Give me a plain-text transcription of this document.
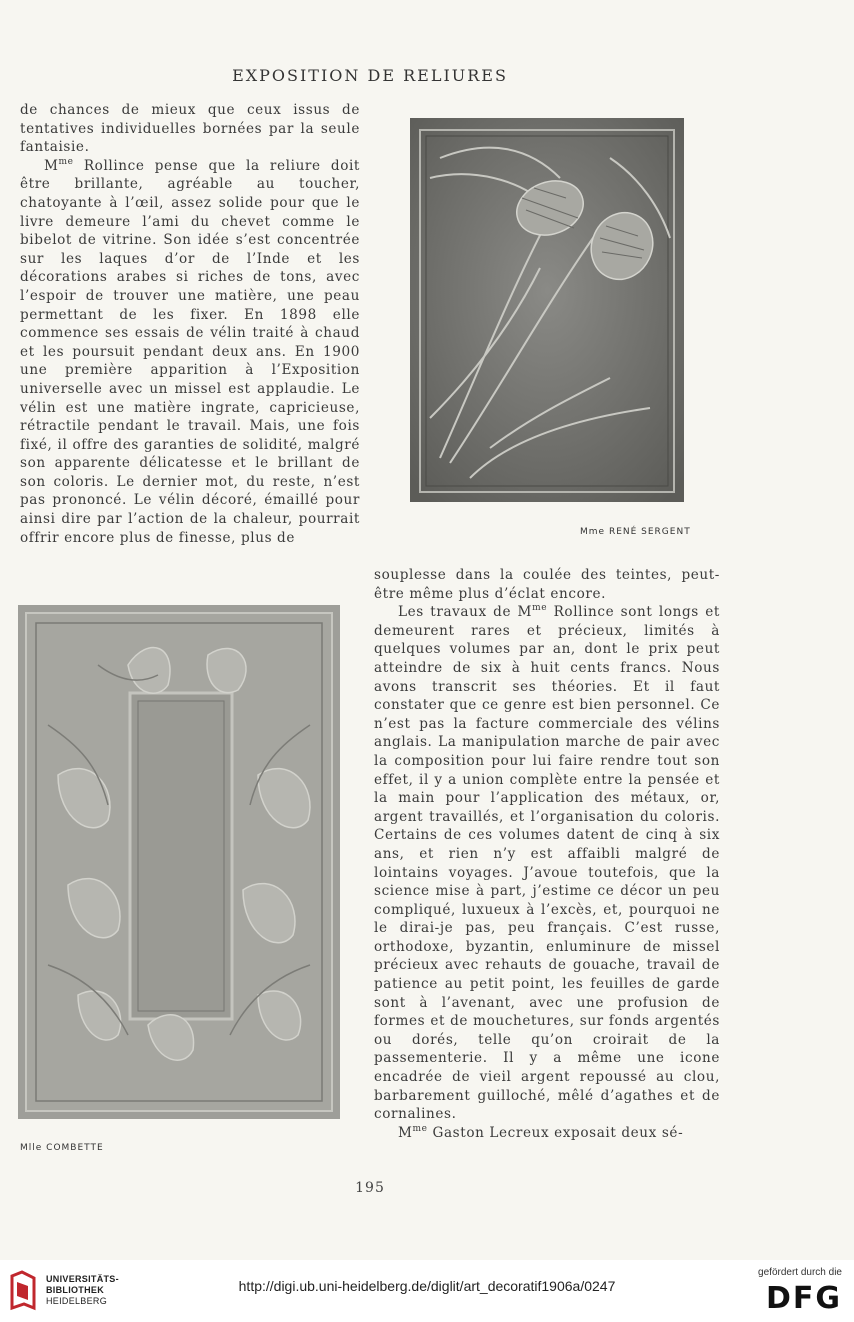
EXPOSITION DE RELIURES

de chances de mieux que ceux issus de tentatives individuelles bornées par la seule fantaisie.

$M^{me}$ Rollince pense que la reliure doit être brillante, agréable au toucher, chatoyante à l’œil, assez solide pour que le livre demeure l’ami du chevet comme le bibelot de vitrine. Son idée s’est concentrée sur les laques d’or de l’Inde et les décorations arabes si riches de tons, avec l’espoir de trouver une matière, une peau permettant de les fixer. En 1898 elle commence ses essais de vélin traité à chaud et les poursuit pendant deux ans. En 1900 une première apparition à l’Exposition universelle avec un missel est applaudie. Le vélin est une matière ingrate, capricieuse, rétractile pendant le travail. Mais, une fois fixé, il offre des garanties de solidité, malgré son apparente délicatesse et le brillant de son coloris. Le dernier mot, du reste, n’est pas prononcé. Le vélin décoré, émaillé pour ainsi dire par l’action de la chaleur, pourrait offrir encore plus de finesse, plus de	$M^{me}$ RENÉ SERGENT
$M^{lle}$ COMBETTE

souplesse dans la coulée des teintes, peut-être même plus d’éclat encore.

Les travaux de $M^{me}$ Rollince sont longs et demeurent rares et précieux, limités à quelques volumes par an, dont le prix peut atteindre de six à huit cents francs. Nous avons transcrit ses théories. Et il faut constater que ce genre est bien personnel. Ce n’est pas la facture commerciale des vélins anglais. La manipulation marche de pair avec la composition pour lui faire rendre tout son effet, il y a union complète entre la pensée et la main pour l’application des métaux, or, argent travaillés, et l’organisation du coloris. Certains de ces volumes datent de cinq à six ans, et rien n’y est affaibli malgré de lointains voyages. J’avoue toutefois, que la science mise à part, j’estime ce décor un peu compliqué, luxueux à l’excès, et, pourquoi ne le dirai-je pas, peu français. C’est russe, orthodoxe, byzantin, enluminure de missel précieux avec rehauts de gouache, travail de patience au petit point, les feuilles de garde sont à l’avenant, avec une profusion de formes et de mouchetures, sur fonds argentés ou dorés, telle qu’on croirait de la passementerie. Il y a même une icone encadrée de vieil argent repoussé au clou, barbarement guilloché, mêlé d’agathes et de cornalines.

$M^{me}$ Gaston Lecreux exposait deux sé-

195
UNIVERSITÄTS-
BIBLIOTHEK
HEIDELBERG
http://digi.ub.uni-heidelberg.de/diglit/art_decoratif1906a/0247
gefördert durch die
DFG
